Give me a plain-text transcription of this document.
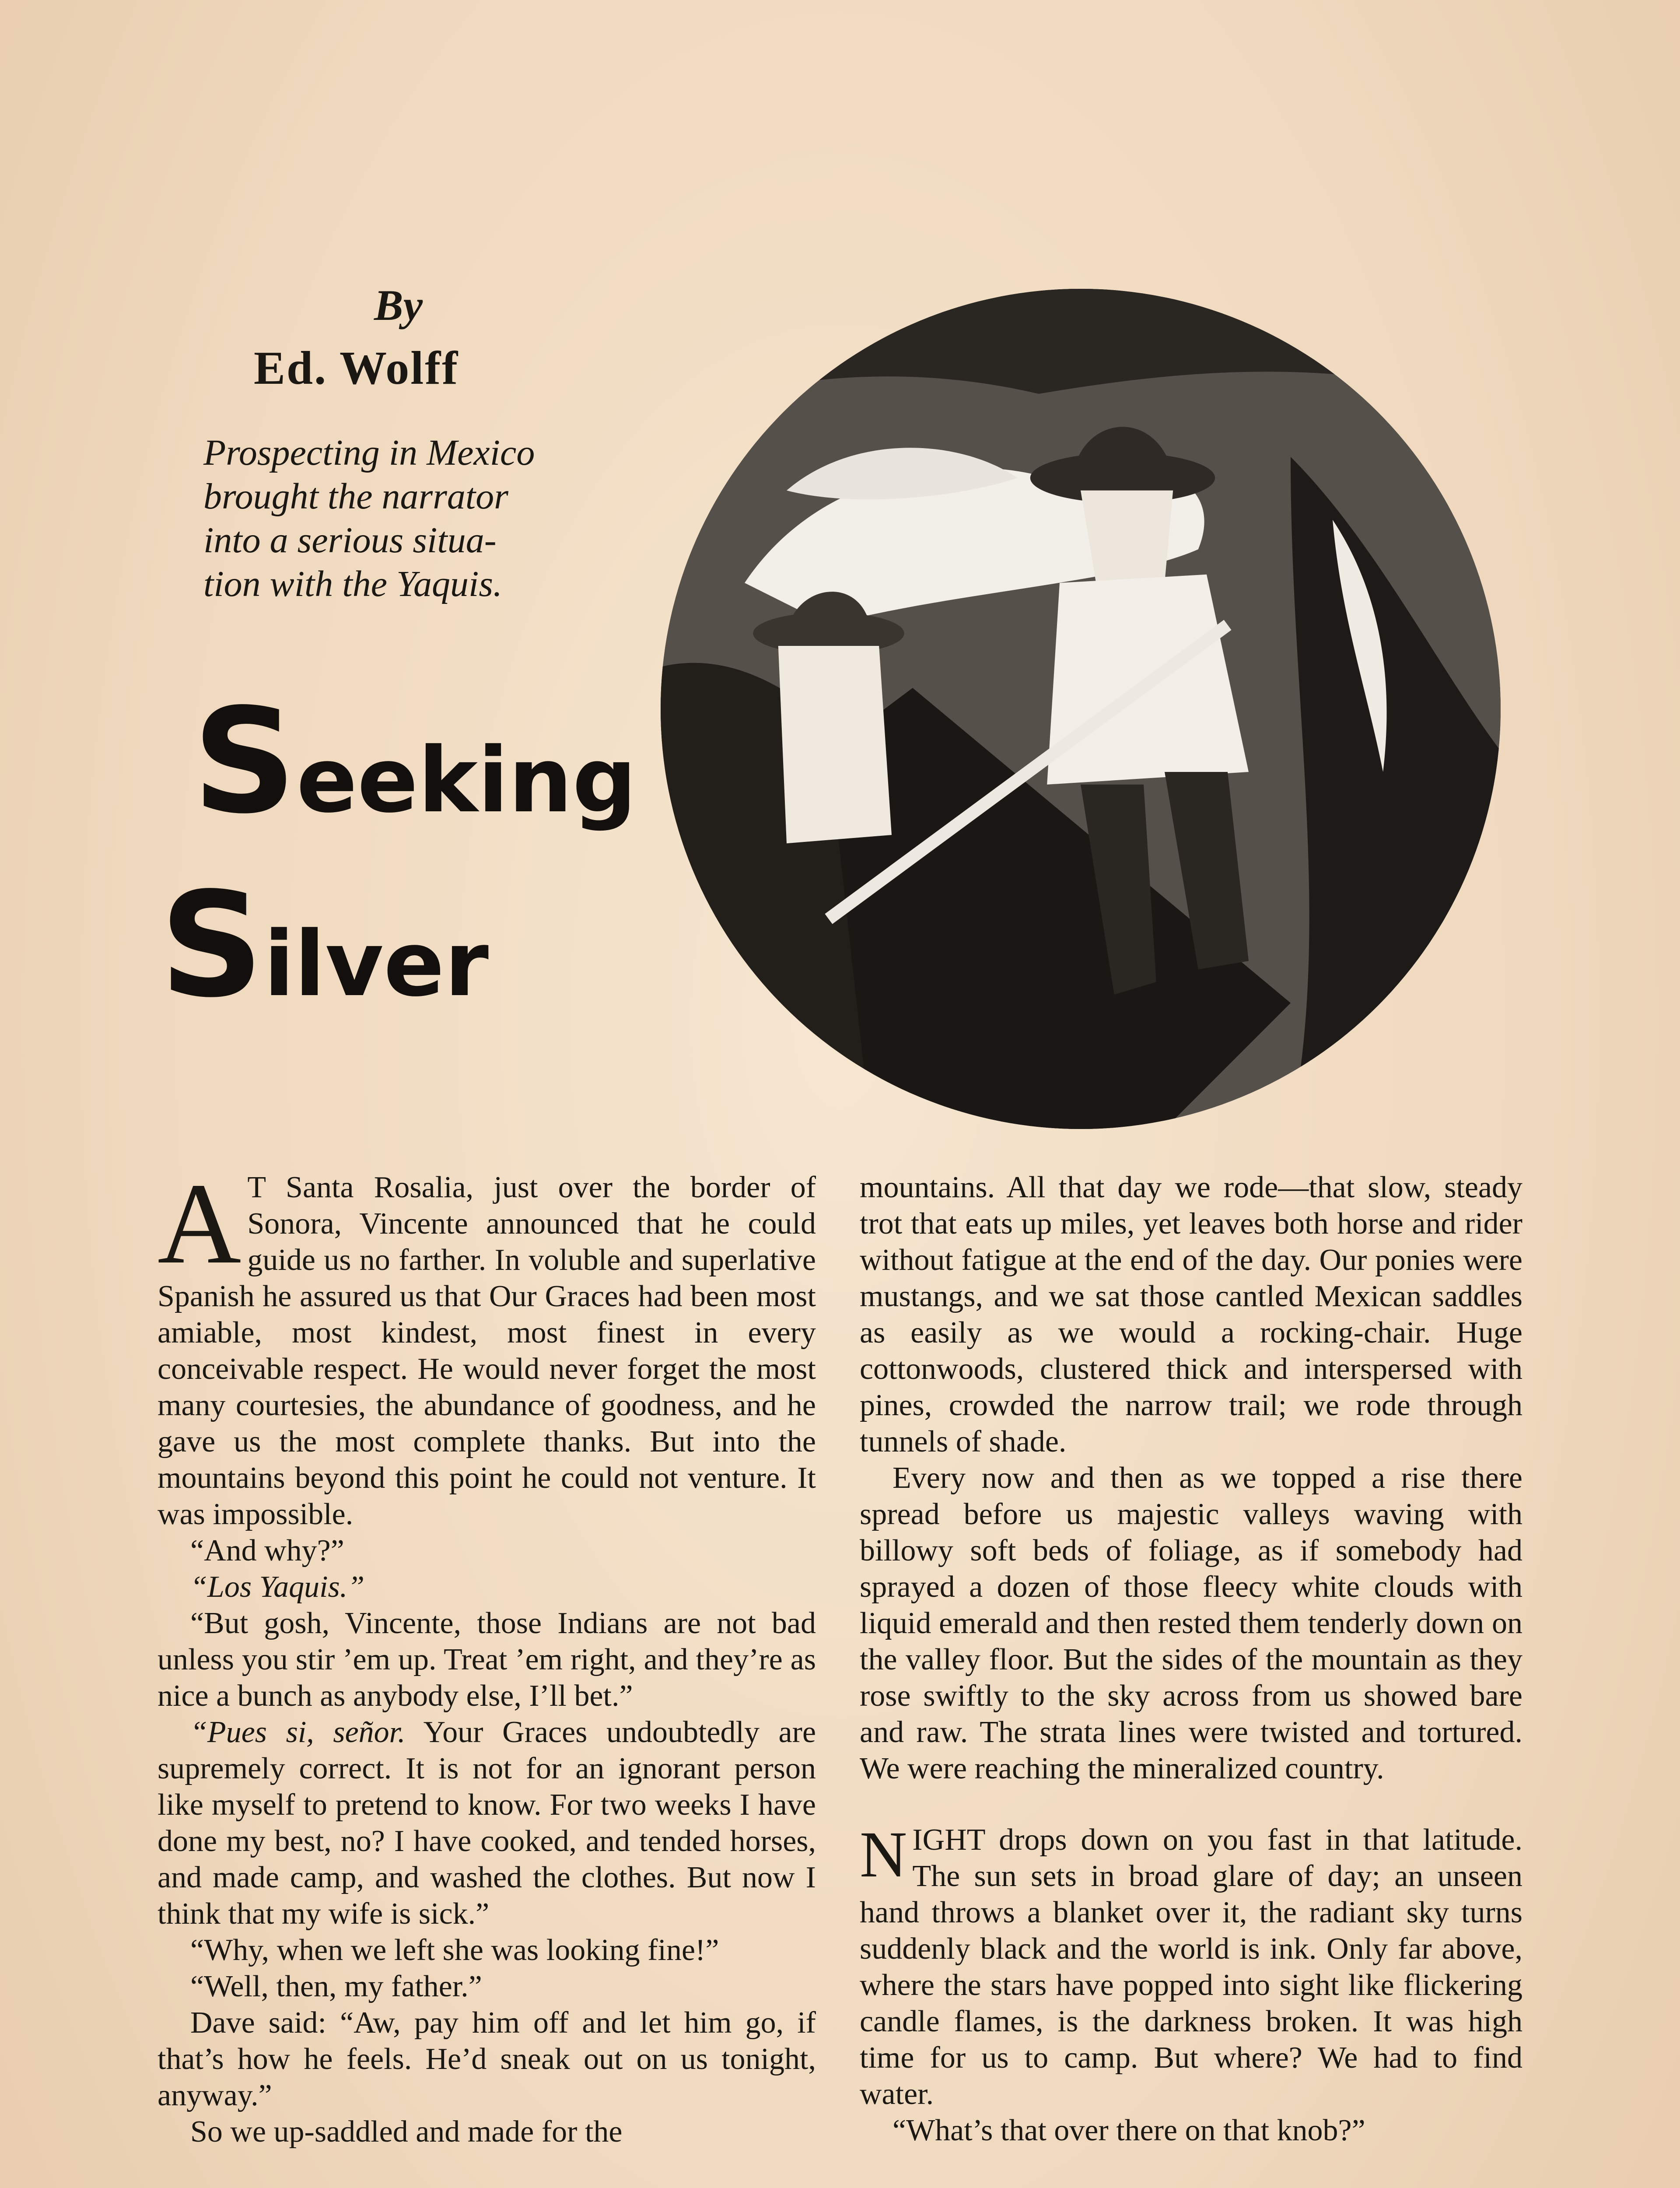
By
Ed. Wolff
Prospecting in Mexico
brought the narrator
into a serious situa-
tion with the Yaquis.
Seeking
Silver

A T Santa Rosalia, just over the border of Sonora, Vincente announced that he could guide us no farther. In voluble and superlative Spanish he assured us that Our Graces had been most amiable, most kindest, most finest in every conceivable respect. He would never forget the most many courtesies, the abundance of goodness, and he gave us the most complete thanks. But into the mountains beyond this point he could not venture. It was impossible.

“And why?”

“Los Yaquis.”

“But gosh, Vincente, those Indians are not bad unless you stir ’em up. Treat ’em right, and they’re as nice a bunch as anybody else, I’ll bet.”

“Pues si, señor. Your Graces undoubtedly are supremely correct. It is not for an ignorant person like myself to pretend to know. For two weeks I have done my best, no? I have cooked, and tended horses, and made camp, and washed the clothes. But now I think that my wife is sick.”

“Why, when we left she was looking fine!”

“Well, then, my father.”

Dave said: “Aw, pay him off and let him go, if that’s how he feels. He’d sneak out on us tonight, anyway.”

So we up-saddled and made for the

mountains. All that day we rode—that slow, steady trot that eats up miles, yet leaves both horse and rider without fatigue at the end of the day. Our ponies were mustangs, and we sat those cantled Mexican saddles as easily as we would a rocking-chair. Huge cottonwoods, clustered thick and interspersed with pines, crowded the narrow trail; we rode through tunnels of shade.

Every now and then as we topped a rise there spread before us majestic valleys waving with billowy soft beds of foliage, as if somebody had sprayed a dozen of those fleecy white clouds with liquid emerald and then rested them tenderly down on the valley floor. But the sides of the mountain as they rose swiftly to the sky across from us showed bare and raw. The strata lines were twisted and tortured. We were reaching the mineralized country.

NIGHT drops down on you fast in that latitude. The sun sets in broad glare of day; an unseen hand throws a blanket over it, the radiant sky turns suddenly black and the world is ink. Only far above, where the stars have popped into sight like flickering candle flames, is the darkness broken. It was high time for us to camp. But where? We had to find water.

“What’s that over there on that knob?”
